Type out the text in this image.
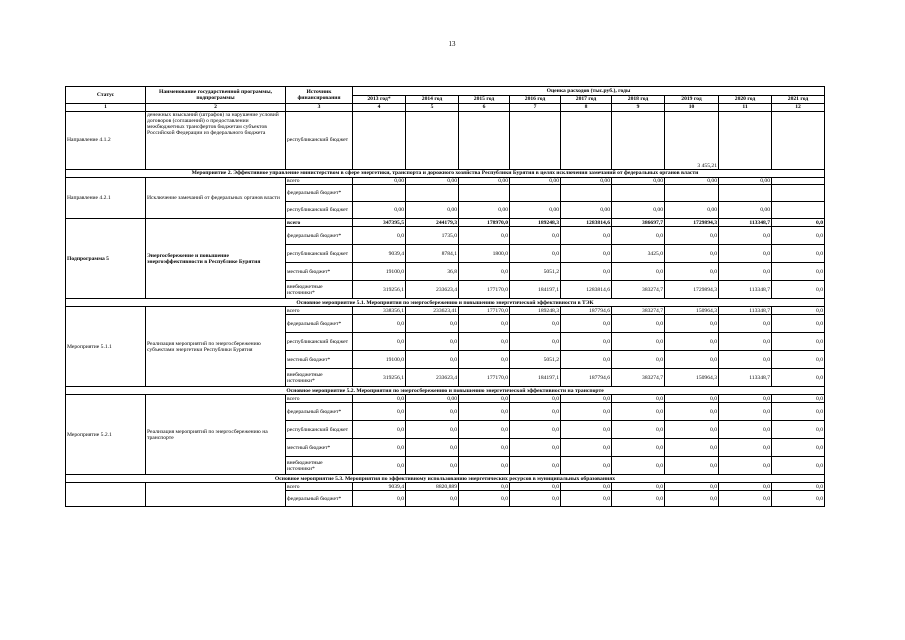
13
Статус	Наименование государственной программы, подпрограммы	Источник финансирования	Оценка расходов (тыс.руб.), годы								
			2013 год*	2014 год	2015 год	2016 год	2017 год	2018 год	2019 год	2020 год	2021 год
1	2	3	4	5	6	7	8	9	10	11	12
Направление 4.1.2	денежных взысканий (штрафов) за нарушение условий договоров (соглашений) о предоставлении межбюджетных трансфертов бюджетам субъектов Российской Федерации из федерального бюджета	республиканский бюджет							3 455,21		
Мероприятие 2. Эффективное управление министерством в сфере энергетики, транспорта и дорожного хозяйства Республики Бурятия в целях исключения замечаний от федеральных органов власти											
Направление 4.2.1	Исключение замечаний от федеральных органов власти	всего	0,00	0,00	0,00	0,00	0,00	0,00	0,00	0,00	
		федеральный бюджет*									
		республиканский бюджет	0,00	0,00	0,00	0,00	0,00	0,00	0,00	0,00	
Подпрограмма 5	Энергосбережение и повышение энергоэффективности в Республике Бурятия	всего	347395,5	244179,3	178970,0	189248,3	1283814,6	386697,7	1729894,3	113348,7	0,0
		федеральный бюджет*	0,0	1735,0	0,0	0,0	0,0	0,0	0,0	0,0	0,0
		республиканский бюджет	9039,4	8784,1	1800,0	0,0	0,0	3425,0	0,0	0,0	0,0
		местный бюджет*	19100,0	36,8	0,0	5051,2	0,0	0,0	0,0	0,0	0,0
		внебюджетные источники*	319256,1	233623,4	177170,0	184197,1	1283814,6	383274,7	1729894,3	113348,7	0,0
Основное мероприятие 5.1. Мероприятия по энергосбережению и повышению энергетической эффективности в ТЭК											
Мероприятие 5.1.1	Реализация мероприятий по энергосбережению субъектами энергетики Республики Бурятия	всего	338356,1	233623,41	177170,0	189248,3	187794,6	383274,7	150964,3	113348,7	0,0
		федеральный бюджет*	0,0	0,0	0,0	0,0	0,0	0,0	0,0	0,0	0,0
		республиканский бюджет	0,0	0,0	0,0	0,0	0,0	0,0	0,0	0,0	0,0
		местный бюджет*	19100,0	0,0	0,0	5051,2	0,0	0,0	0,0	0,0	0,0
		внебюджетные источники*	319256,1	233623,4	177170,0	184197,1	187794,6	383274,7	150964,3	113348,7	0,0
Основное мероприятие 5.2. Мероприятия по энергосбережению и повышению энергетической эффективности на транспорте											
Мероприятие 5.2.1	Реализация мероприятий по энергосбережению на транспорте	всего	0,0	0,00	0,0	0,0	0,0	0,0	0,0	0,0	0,0
		федеральный бюджет*	0,0	0,0	0,0	0,0	0,0	0,0	0,0	0,0	0,0
		республиканский бюджет	0,0	0,0	0,0	0,0	0,0	0,0	0,0	0,0	0,0
		местный бюджет*	0,0	0,0	0,0	0,0	0,0	0,0	0,0	0,0	0,0
		внебюджетные источники*	0,0	0,0	0,0	0,0	0,0	0,0	0,0	0,0	0,0
Основное мероприятие 5.3. Мероприятия по эффективному использованию энергетических ресурсов в муниципальных образованиях											
		всего	9039,4	8820,889	0,0	0,0	0,0	0,0	0,0	0,0	0,0
		федеральный бюджет*	0,0	0,0	0,0	0,0	0,0	0,0	0,0	0,0	0,0
